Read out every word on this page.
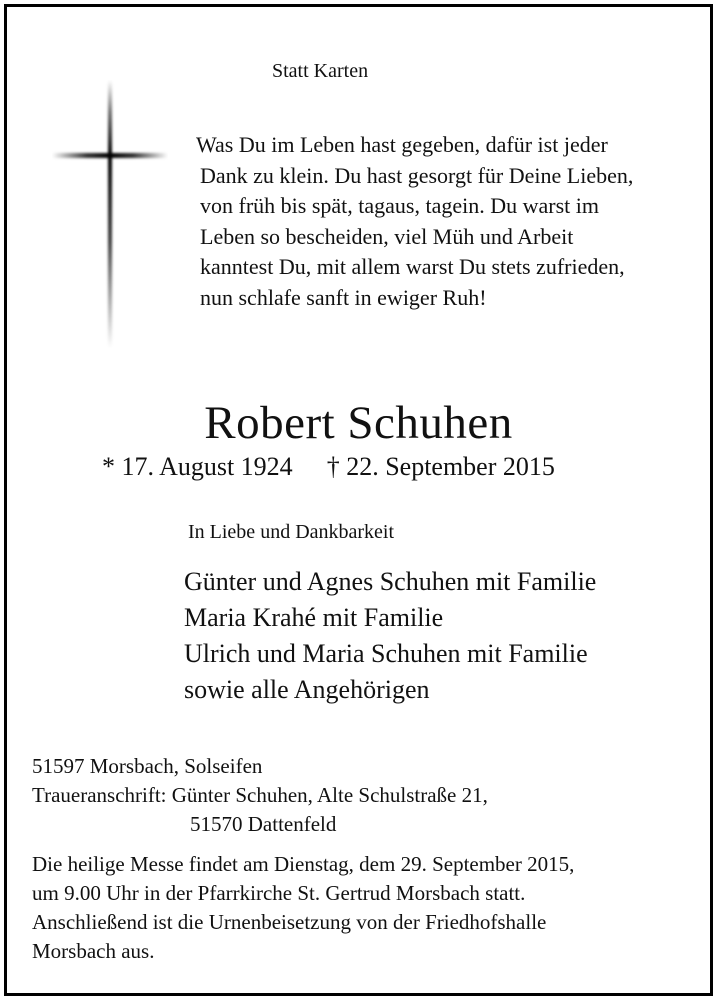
Statt Karten
Was Du im Leben hast gegeben, dafür ist jeder
Dank zu klein. Du hast gesorgt für Deine Lieben,
von früh bis spät, tagaus, tagein. Du warst im
Leben so bescheiden, viel Müh und Arbeit
kanntest Du, mit allem warst Du stets zufrieden,
nun schlafe sanft in ewiger Ruh!
Robert Schuhen
* 17. August 1924 † 22. September 2015
In Liebe und Dankbarkeit
Günter und Agnes Schuhen mit Familie
Maria Krahé mit Familie
Ulrich und Maria Schuhen mit Familie
sowie alle Angehörigen
51597 Morsbach, Solseifen
Traueranschrift: Günter Schuhen, Alte Schulstraße 21,
51570 Dattenfeld
Die heilige Messe findet am Dienstag, dem 29. September 2015,
um 9.00 Uhr in der Pfarrkirche St. Gertrud Morsbach statt.
Anschließend ist die Urnenbeisetzung von der Friedhofshalle
Morsbach aus.
